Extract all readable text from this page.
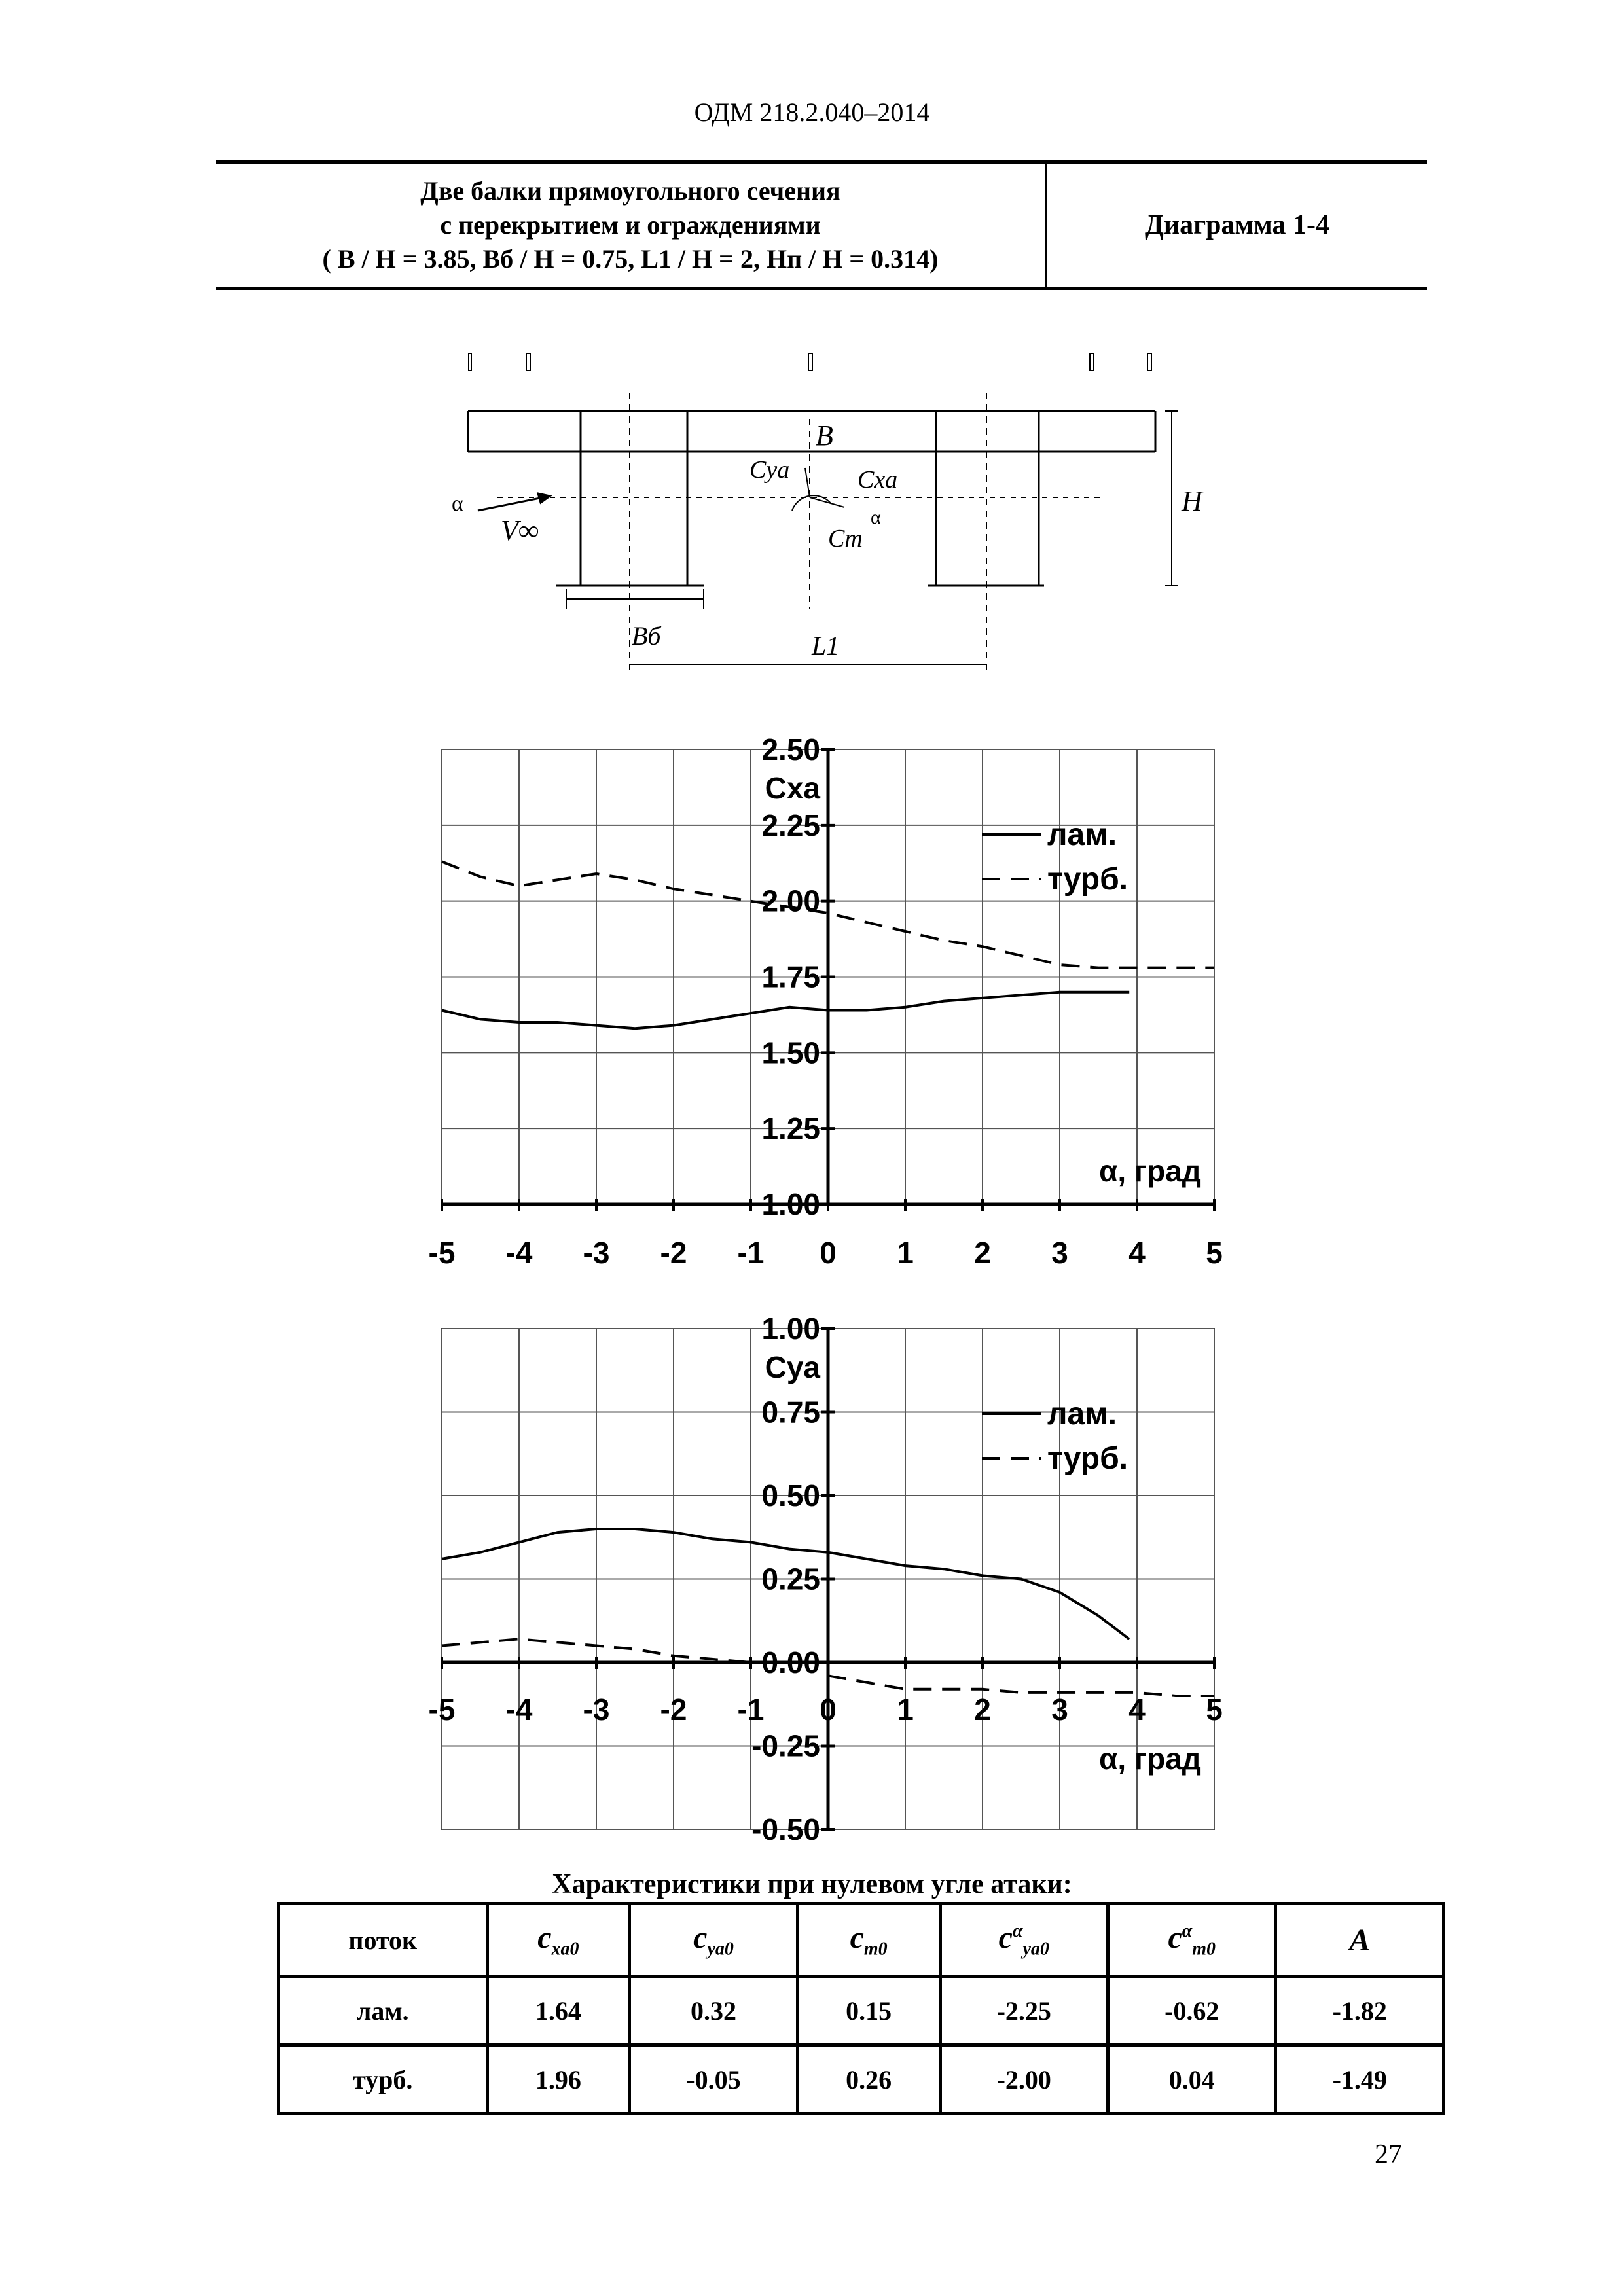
ОДМ 218.2.040–2014
Две балки прямоугольного сечения
с перекрытием и ограждениями
( B / H = 3.85, Bб / H = 0.75, L1 / H = 2, Hп / H = 0.314)
Диаграмма 1-4
B
H
α
V∞
Cya	Cxa
Cm
α
Bб	L1
-5 -4 -3 -2 -1 0 1 2 3 4 5
1.00
1.25
1.50
1.75
2.00
2.25
2.50
Cxa
α, град
лам.
турб.
-5 -4 -3 -2 -1 0 1 2 3 4 5
-0.50
-0.25
0.00
0.25
0.50
0.75
1.00
Cya
α, град
лам.
турб.
Характеристики при нулевом угле атаки:
поток	$c_{xa0}$	$c_{ya0}$	$c_{m0}$	$c^\alpha_{ya0}$	$c^\alpha_{m0}$	A
лам.	1.64	0.32	0.15	-2.25	-0.62	-1.82
турб.	1.96	-0.05	0.26	-2.00	0.04	-1.49
27
